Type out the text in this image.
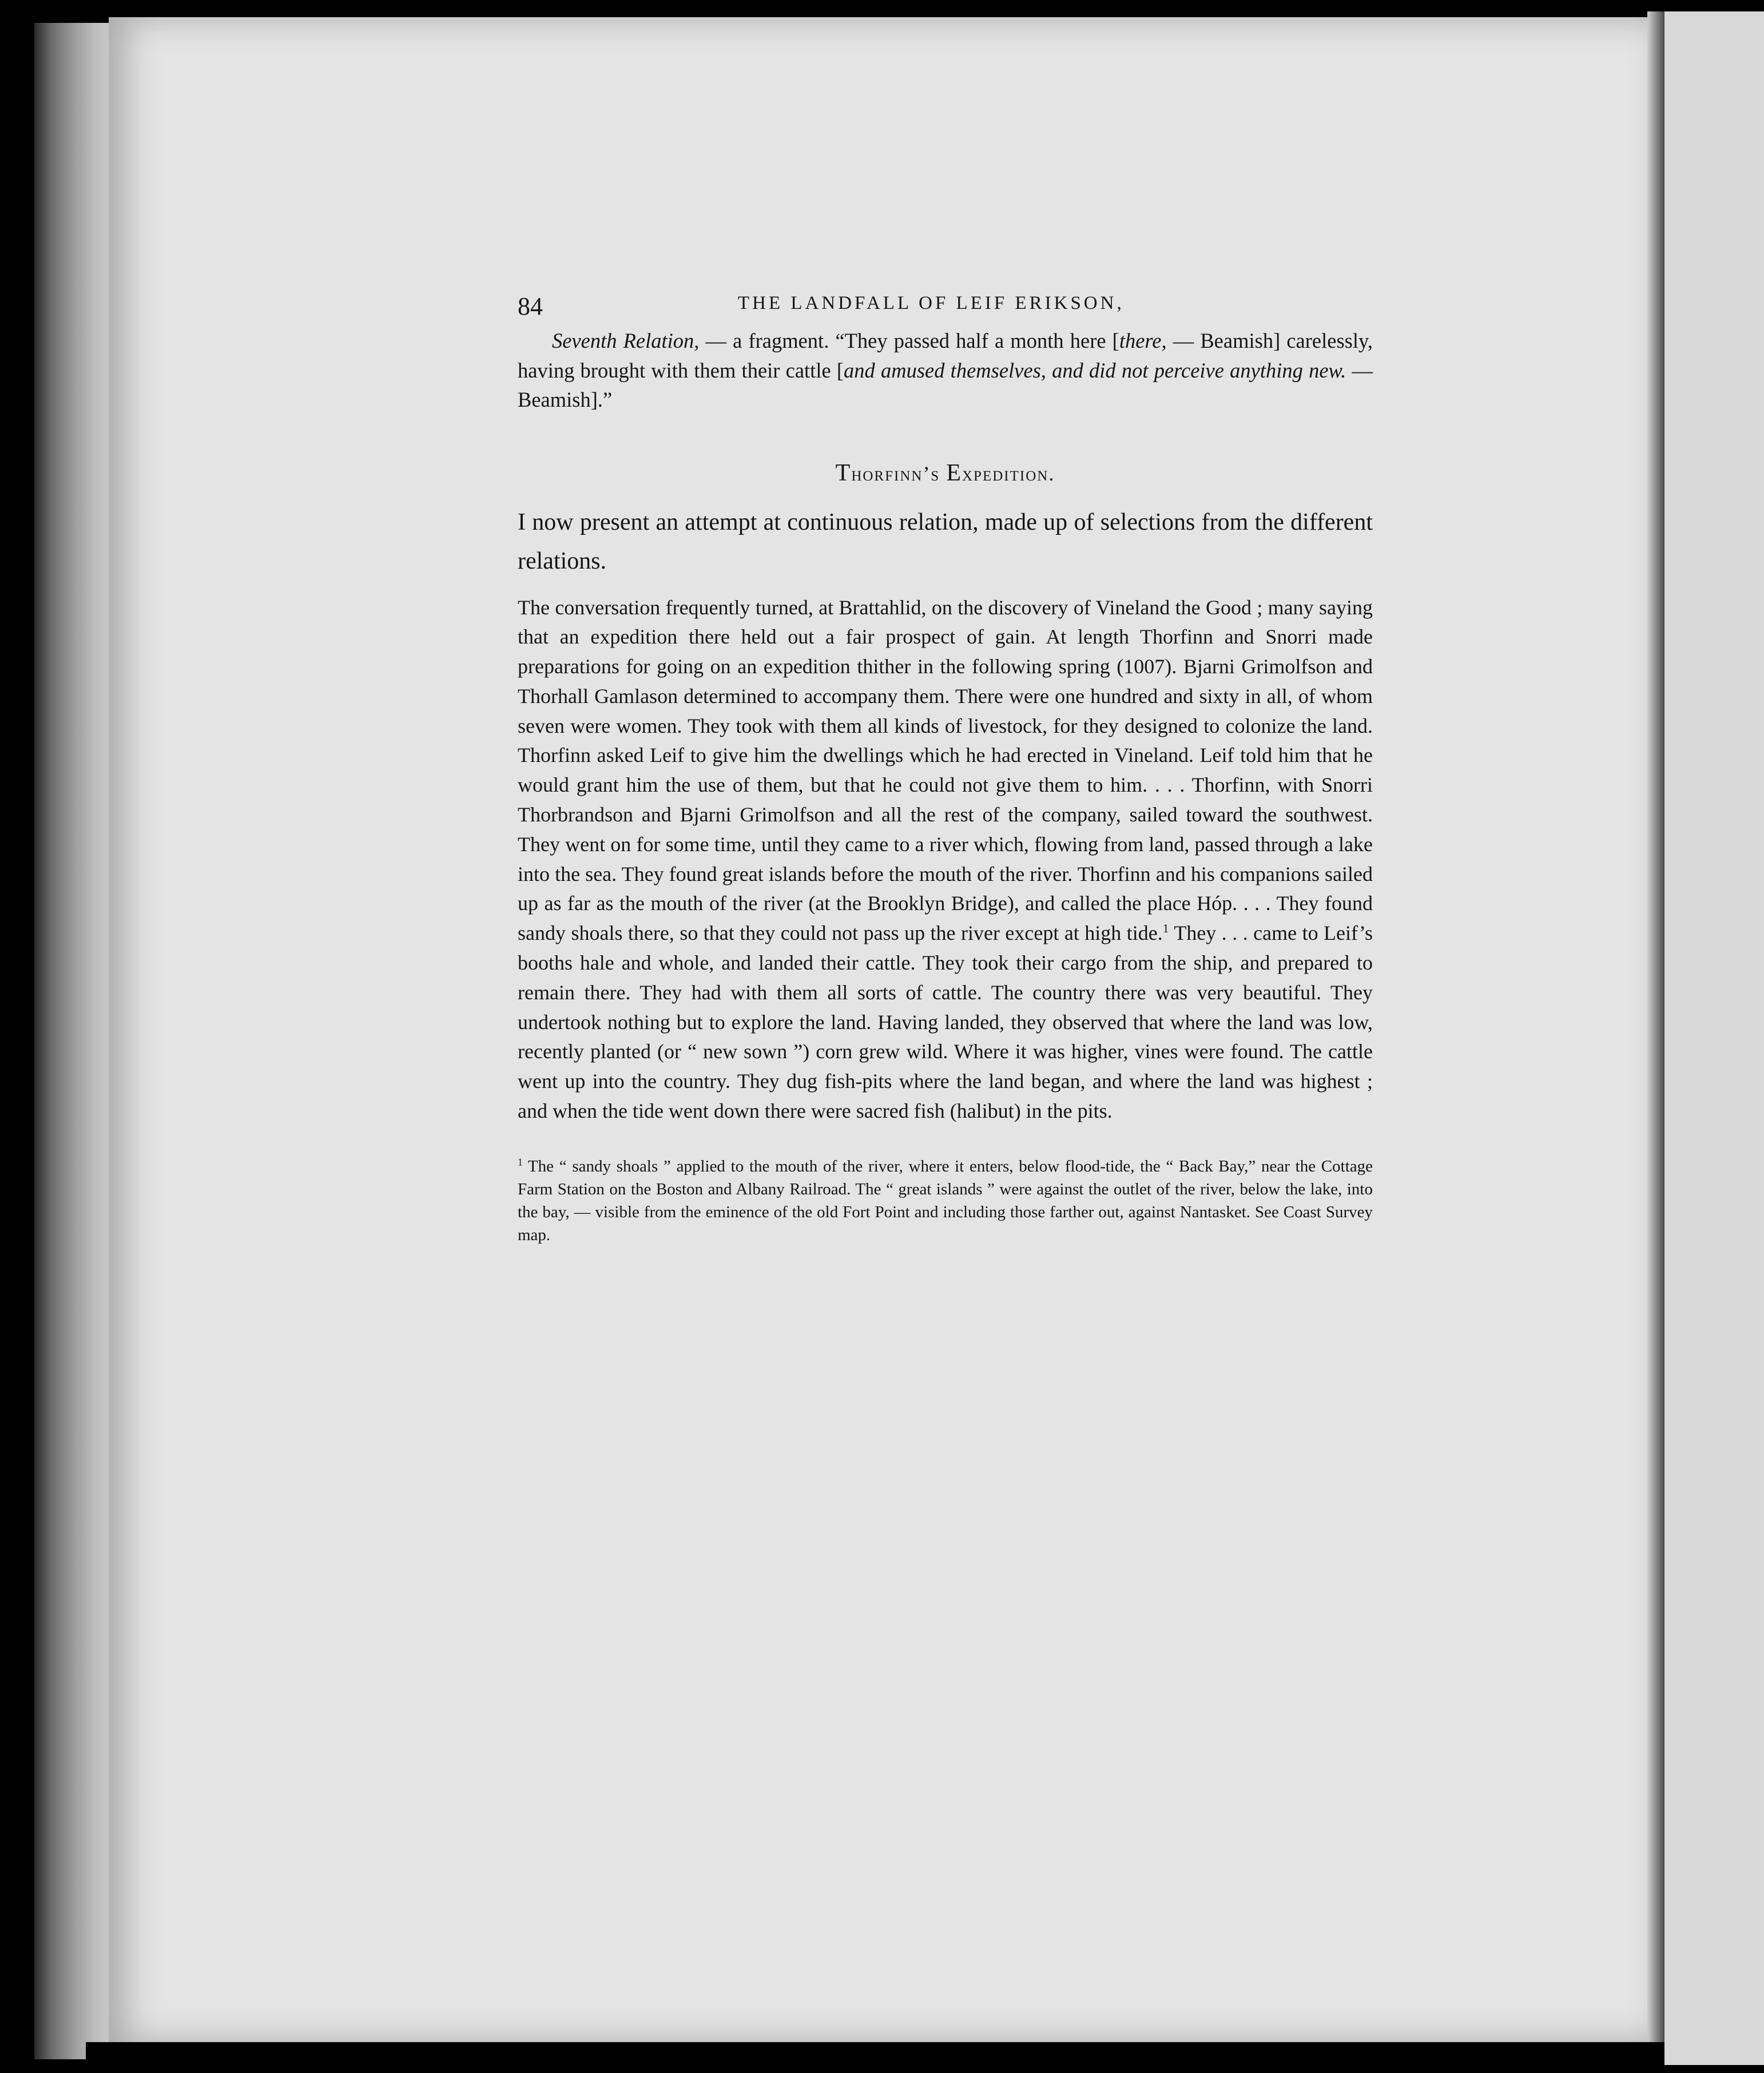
84	THE LANDFALL OF LEIF ERIKSON,

Seventh Relation, — a fragment. “They passed half a month here [there, — Beamish] carelessly, having brought with them their cattle [and amused themselves, and did not perceive anything new. — Beamish].”

Thorfinn’s Expedition.

I now present an attempt at continuous relation, made up of selections from the different relations.

The conversation frequently turned, at Brattahlid, on the discovery of Vineland the Good ; many saying that an expedition there held out a fair prospect of gain. At length Thorfinn and Snorri made preparations for going on an expedition thither in the following spring (1007). Bjarni Grimolfson and Thorhall Gamlason determined to accompany them. There were one hundred and sixty in all, of whom seven were women. They took with them all kinds of livestock, for they designed to colonize the land. Thorfinn asked Leif to give him the dwellings which he had erected in Vineland. Leif told him that he would grant him the use of them, but that he could not give them to him. . . . Thorfinn, with Snorri Thorbrandson and Bjarni Grimolfson and all the rest of the company, sailed toward the southwest. They went on for some time, until they came to a river which, flowing from land, passed through a lake into the sea. They found great islands before the mouth of the river. Thorfinn and his companions sailed up as far as the mouth of the river (at the Brooklyn Bridge), and called the place Hóp. . . . They found sandy shoals there, so that they could not pass up the river except at high tide.$^1$ They . . . came to Leif’s booths hale and whole, and landed their cattle. They took their cargo from the ship, and prepared to remain there. They had with them all sorts of cattle. The country there was very beautiful. They undertook nothing but to explore the land. Having landed, they observed that where the land was low, recently planted (or “ new sown ”) corn grew wild. Where it was higher, vines were found. The cattle went up into the country. They dug fish-pits where the land began, and where the land was highest ; and when the tide went down there were sacred fish (halibut) in the pits.

$^1$ The “ sandy shoals ” applied to the mouth of the river, where it enters, below flood-tide, the “ Back Bay,” near the Cottage Farm Station on the Boston and Albany Railroad. The “ great islands ” were against the outlet of the river, below the lake, into the bay, — visible from the eminence of the old Fort Point and including those farther out, against Nantasket. See Coast Survey map.
